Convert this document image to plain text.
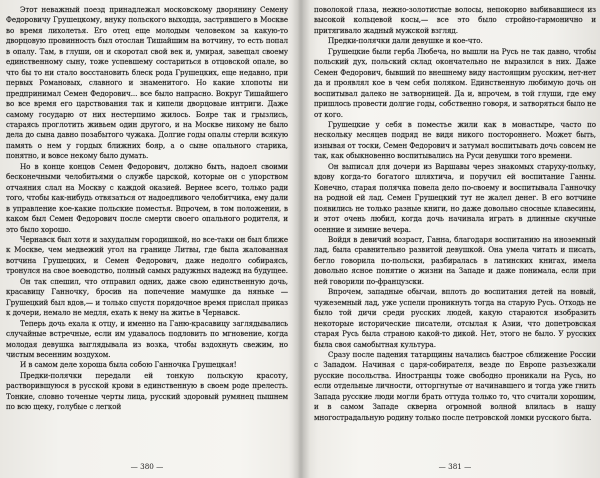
Этот неважный поезд принадлежал московскому дворянину Семену Федоровичу Грушецкому, внуку польского выходца, застрявшего в Москве во время лихолетья. Его отец еще молодым человеком за какую-то дворцовую провинность был отослан Тишайшим на вотчину, то есть попал в опалу. Там, в глуши, он и скоротал свой век и, умирая, завещал своему единственному сыну, тоже успевшему состариться в отцовской опале, во что бы то ни стало восстановить блеск рода Грушецких, еще недавно, при первых Романовых, славного и знаменитого. Но какие хлопоты ни предпринимал Семен Федорович... все было напрасно. Вокруг Тишайшего во все время его царствования так и кипели дворцовые интриги. Даже самому государю от них нестерпимо жилось. Бояре так и грызлись, стараясь проглотить живьем один другого, и на Москве никому не было дела до сына давно позабытого чужака. Долгие годы опалы стерли всякую память о нем у гордых ближних бояр, а о сыне опального старика, понятно, и вовсе некому было думать.

Но в конце концов Семен Федорович, должно быть, надоел своими бесконечными челобитьями о службе царской, которые он с упорством отчаяния слал на Москву с каждой оказией. Вернее всего, только ради того, чтобы как-нибудь отвязаться от надоедливого челобитчика, ему дали в управление кое-какие польские поместья. Впрочем, в том положении, в каком был Семен Федорович после смерти своего опального родителя, и это было хорошо.

Чернавск был хотя и захудалым городишкой, но все-таки он был ближе к Москве, чем медвежий угол на границе Литвы, где была жалованная вотчина Грушецких, и Семен Федорович, даже недолго собираясь, тронулся на свое воеводство, полный самых радужных надежд на будущее.

Он так спешил, что отправил одних, даже свою единственную дочь, красавицу Ганночку, бросив на попечение мамушке да няньке — Грушецкий был вдов,— и только спустя порядочное время прислал приказ к дочери, немало не медля, ехать к нему на житье в Чернавск.

Теперь дочь ехала к отцу, и именно на Ганю-красавицу заглядывались случайные встречные, если им удавалось подловить по мгновение, когда молодая девушка выглядывала из возка, чтобы вздохнуть свежим, но чистым весенним воздухом.

И в самом деле хороша была собою Ганночка Грушецкая!

Предки-полячки передали ей тонкую польскую красоту, растворившуюся в русской крови в единственную в своем роде прелесть. Тонкие, словно точеные черты лица, русский здоровый румянец пышнем по всю щеку, голубые с легкой

— 380 —

поволокой глаза, нежно-золотистые волосы, непокорно выбивавшиеся из высокой кольцевой косы,— все это было стройно-гармонично и притягивало жадный мужской взгляд.

Предки-полячки дали девушке и кое-что.

Грушецкие были герба Любеча, но вышли на Русь не так давно, чтобы польский дух, польский склад окончательно не выразился в них. Даже Семен Федорович, бывший по внешнему виду настоящим русским, нет-нет да и проявлял кое в чем себя поляком. Единственную любимую дочь он воспитывал далеко не затворницей. Да и, впрочем, в той глуши, где ему пришлось провести долгие годы, собственно говоря, и затворяться было не от кого.

Грушецкие у себя в поместье жили как в монастыре, часто по нескольку месяцев подряд не видя никого постороннего. Может быть, изнывая от тоски, Семен Федорович и затумал воспитывать дочь совсем не так, как обыкновенно воспитывались на Руси девушки того времени.

Он выписал для дочери из Варшавы через знакомых старуху-польку, вдову когда-то богатого шляхтича, и поручил ей воспитание Ганны. Конечно, старая полячка повела дело по-своему и воспитывала Ганночку на родной ей лад. Семен Грушецкий тут не жалел денег. В его вотчине появились не только разные книги, но даже довольно сносные клавесины, и этот очень любил, когда дочь начинала играть в длинные скучные осенние и зимние вечера.

Войдя в девичий возраст, Ганна, благодаря воспитанию на иноземный лад, была сравнительно развитой девушкой. Она умела читать и писать, бегло говорила по-польски, разбиралась в латинских книгах, имела довольно ясное понятие о жизни на Западе и даже понимала, если при ней говорили по-французски.

Впрочем, западные обычаи, вплоть до воспитания детей на новый, чужеземный лад, уже успели проникнуть тогда на старую Русь. Отходь не было той дичи среди русских людей, какую стараются изобразить некоторые исторические писатели, отсылая к Азии, что допетровская старая Русь была страною какой-то дикой. Нет, этого не было. У русских была своя самобытная культура.

Сразу после падения татарщины начались быстрое сближение России с Западом. Начиная с царя-собирателя, везде по Европе разъезжали русские посольства. Иностранцы тоже свободно проникали на Русь, но если отдельные личности, отторгнутые от начинавшего и тогда уже гнить Запада русские люди могли брать оттуда только то, что считали хорошим, и в самом Западе скверна огромной волной влилась в нашу многострадальную родину только после петровской ломки русского быта.

— 381 —
